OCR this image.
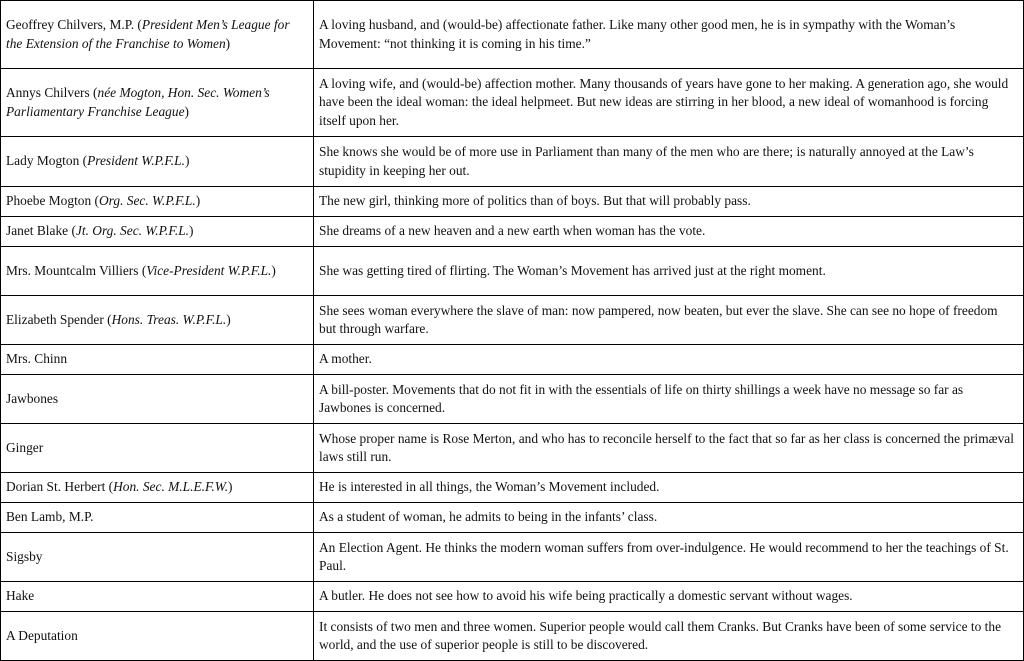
Geoffrey Chilvers, M.P. (President Men’s League for the Extension of the Franchise to Women)	A loving husband, and (would-be) affectionate father. Like many other good men, he is in sympathy with the Woman’s Movement: “not thinking it is coming in his time.”
Annys Chilvers (née Mogton, Hon. Sec. Women’s Parliamentary Franchise League)	A loving wife, and (would-be) affection mother. Many thousands of years have gone to her making. A generation ago, she would have been the ideal woman: the ideal helpmeet. But new ideas are stirring in her blood, a new ideal of womanhood is forcing itself upon her.
Lady Mogton (President W.P.F.L.)	She knows she would be of more use in Parliament than many of the men who are there; is naturally annoyed at the Law’s stupidity in keeping her out.
Phoebe Mogton (Org. Sec. W.P.F.L.)	The new girl, thinking more of politics than of boys. But that will probably pass.
Janet Blake (Jt. Org. Sec. W.P.F.L.)	She dreams of a new heaven and a new earth when woman has the vote.
Mrs. Mountcalm Villiers (Vice-President W.P.F.L.)	She was getting tired of flirting. The Woman’s Movement has arrived just at the right moment.
Elizabeth Spender (Hons. Treas. W.P.F.L.)	She sees woman everywhere the slave of man: now pampered, now beaten, but ever the slave. She can see no hope of freedom but through warfare.
Mrs. Chinn	A mother.
Jawbones	A bill-poster. Movements that do not fit in with the essentials of life on thirty shillings a week have no message so far as Jawbones is concerned.
Ginger	Whose proper name is Rose Merton, and who has to reconcile herself to the fact that so far as her class is concerned the primæval laws still run.
Dorian St. Herbert (Hon. Sec. M.L.E.F.W.)	He is interested in all things, the Woman’s Movement included.
Ben Lamb, M.P.	As a student of woman, he admits to being in the infants’ class.
Sigsby	An Election Agent. He thinks the modern woman suffers from over-indulgence. He would recommend to her the teachings of St. Paul.
Hake	A butler. He does not see how to avoid his wife being practically a domestic servant without wages.
A Deputation	It consists of two men and three women. Superior people would call them Cranks. But Cranks have been of some service to the world, and the use of superior people is still to be discovered.
